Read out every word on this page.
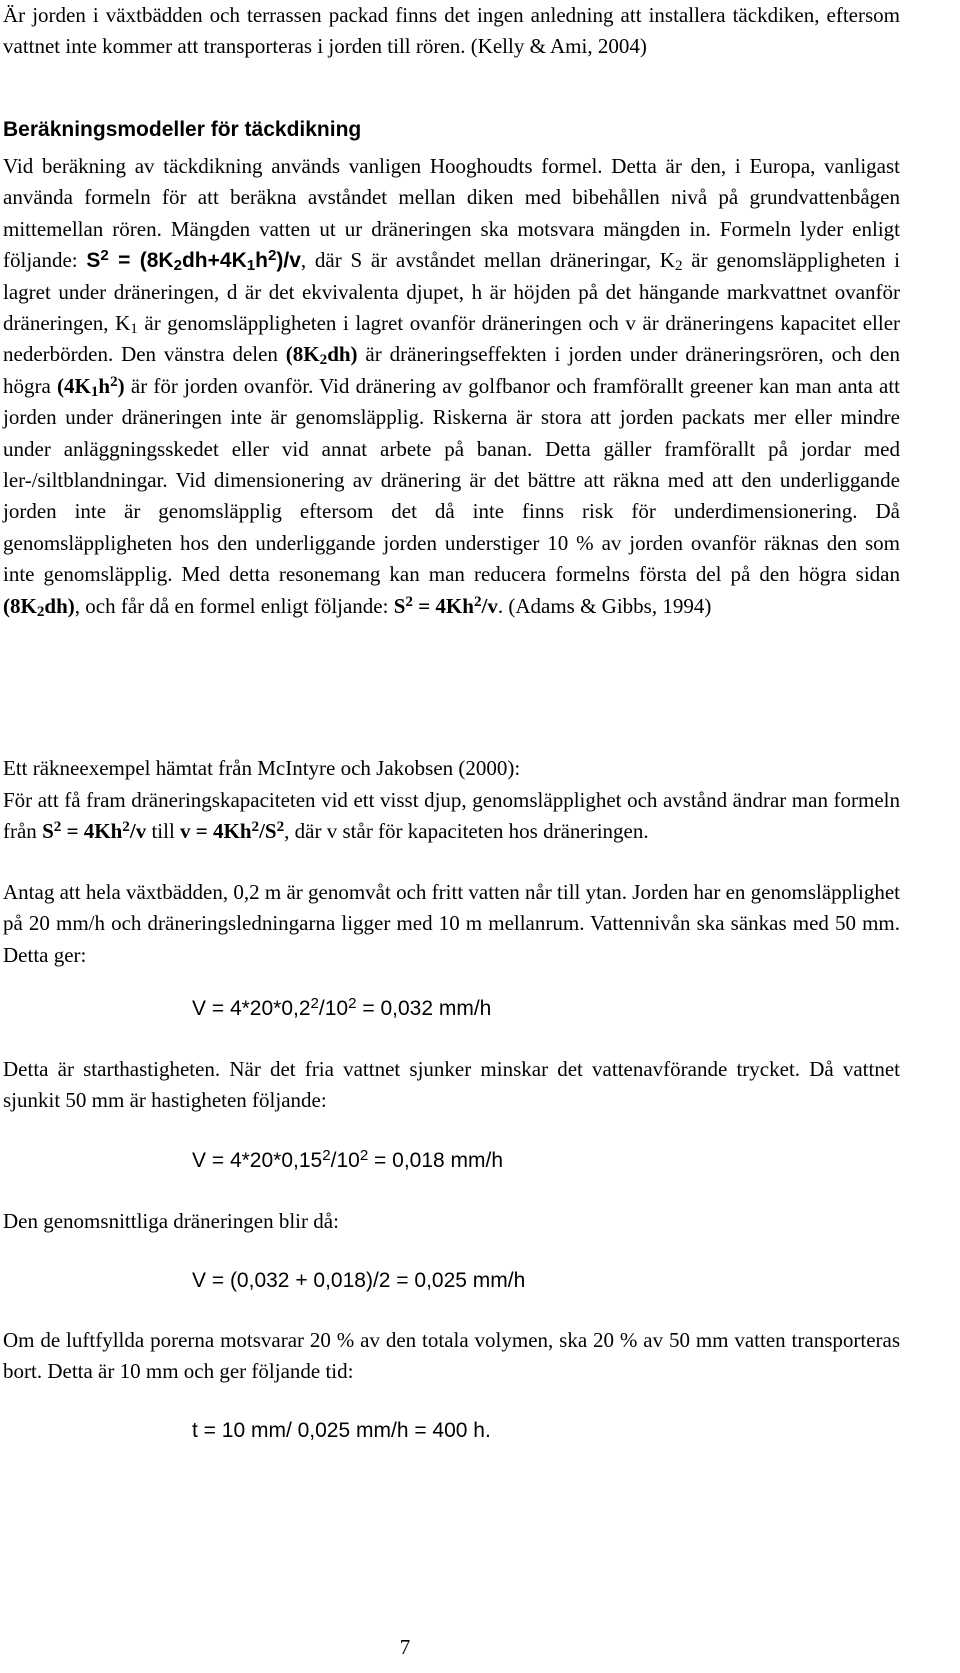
Är jorden i växtbädden och terrassen packad finns det ingen anledning att installera täckdiken, eftersom vattnet inte kommer att transporteras i jorden till rören. (Kelly & Ami, 2004)

Beräkningsmodeller för täckdikning

Vid beräkning av täckdikning används vanligen Hooghoudts formel. Detta är den, i Europa, vanligast använda formeln för att beräkna avståndet mellan diken med bibehållen nivå på grundvattenbågen mittemellan rören. Mängden vatten ut ur dräneringen ska motsvara mängden in. Formeln lyder enligt följande: $S^2 = (8K_2dh+4K_1h^2)/v$, där S är avståndet mellan dräneringar, $K_2$ är genomsläppligheten i lagret under dräneringen, d är det ekvivalenta djupet, h är höjden på det hängande markvattnet ovanför dräneringen, $K_1$ är genomsläppligheten i lagret ovanför dräneringen och v är dräneringens kapacitet eller nederbörden. Den vänstra delen $(8K_2dh)$ är dräneringseffekten i jorden under dräneringsrören, och den högra $(4K_1h^2)$ är för jorden ovanför. Vid dränering av golfbanor och framförallt greener kan man anta att jorden under dräneringen inte är genomsläpplig. Riskerna är stora att jorden packats mer eller mindre under anläggningsskedet eller vid annat arbete på banan. Detta gäller framförallt på jordar med ler-/siltblandningar. Vid dimensionering av dränering är det bättre att räkna med att den underliggande jorden inte är genomsläpplig eftersom det då inte finns risk för underdimensionering. Då genomsläppligheten hos den underliggande jorden understiger 10 % av jorden ovanför räknas den som inte genomsläpplig. Med detta resonemang kan man reducera formelns första del på den högra sidan $(8K_2dh)$, och får då en formel enligt följande: $S^2 = 4Kh^2/v$. (Adams & Gibbs, 1994)

Ett räkneexempel hämtat från McIntyre och Jakobsen (2000):

För att få fram dräneringskapaciteten vid ett visst djup, genomsläpplighet och avstånd ändrar man formeln från $S^2 = 4Kh^2/v$ till $v = 4Kh^2/S^2$, där v står för kapaciteten hos dräneringen.

Antag att hela växtbädden, 0,2 m är genomvåt och fritt vatten når till ytan. Jorden har en genomsläpplighet på 20 mm/h och dräneringsledningarna ligger med 10 m mellanrum. Vattennivån ska sänkas med 50 mm. Detta ger:

$V = 4*20*0,2^2/10^2 = 0,032$ mm/h

Detta är starthastigheten. När det fria vattnet sjunker minskar det vattenavförande trycket. Då vattnet sjunkit 50 mm är hastigheten följande:

$V = 4*20*0,15^2/10^2 = 0,018$ mm/h

Den genomsnittliga dräneringen blir då:

V = (0,032 + 0,018)/2 = 0,025 mm/h

Om de luftfyllda porerna motsvarar 20 % av den totala volymen, ska 20 % av 50 mm vatten transporteras bort. Detta är 10 mm och ger följande tid:

t = 10 mm/ 0,025 mm/h = 400 h.

7
